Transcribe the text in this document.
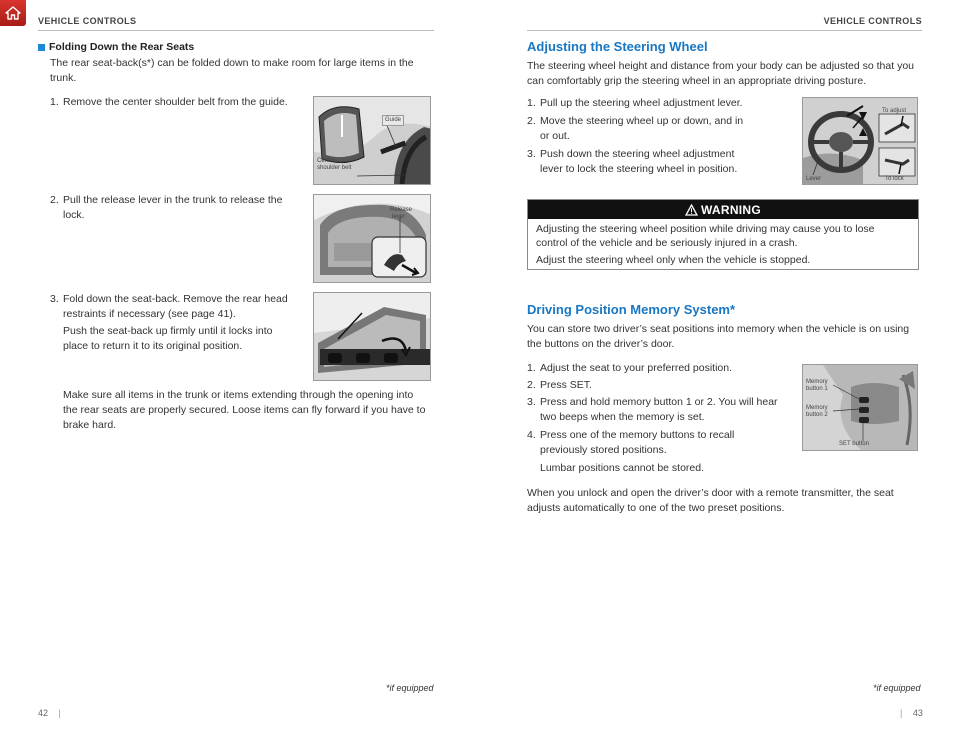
VEHICLE CONTROLS	VEHICLE CONTROLS
Folding Down the Rear Seats
The rear seat-back(s*) can be folded down to make room for large items in the
trunk.
1. Remove the center shoulder belt from the guide.
2. Pull the release lever in the trunk to release the
lock.
3. Fold down the seat-back. Remove the rear head
restraints if necessary (see page 41).
Push the seat-back up firmly until it locks into
place to return it to its original position.
Make sure all items in the trunk or items extending through the opening into
the rear seats are properly secured. Loose items can fly forward if you have to
brake hard.
Guide
Center
shoulder belt
Release
lever
*if equipped
42 |
Adjusting the Steering Wheel
The steering wheel height and distance from your body can be adjusted so that you
can comfortably grip the steering wheel in an appropriate driving posture.
1. Pull up the steering wheel adjustment lever.
2. Move the steering wheel up or down, and in
or out.
3. Push down the steering wheel adjustment
lever to lock the steering wheel in position.
To adjust
Lever	To lock
WARNING
Adjusting the steering wheel position while driving may cause you to lose
control of the vehicle and be seriously injured in a crash.
Adjust the steering wheel only when the vehicle is stopped.
Driving Position Memory System*
You can store two driver’s seat positions into memory when the vehicle is on using
the buttons on the driver’s door.
1. Adjust the seat to your preferred position.
2. Press SET.
3. Press and hold memory button 1 or 2. You will hear
two beeps when the memory is set.
4. Press one of the memory buttons to recall
previously stored positions.
Lumbar positions cannot be stored.
When you unlock and open the driver’s door with a remote transmitter, the seat
adjusts automatically to one of the two preset positions.
Memory
button 1
Memory
button 2
SET button
*if equipped
| 43
